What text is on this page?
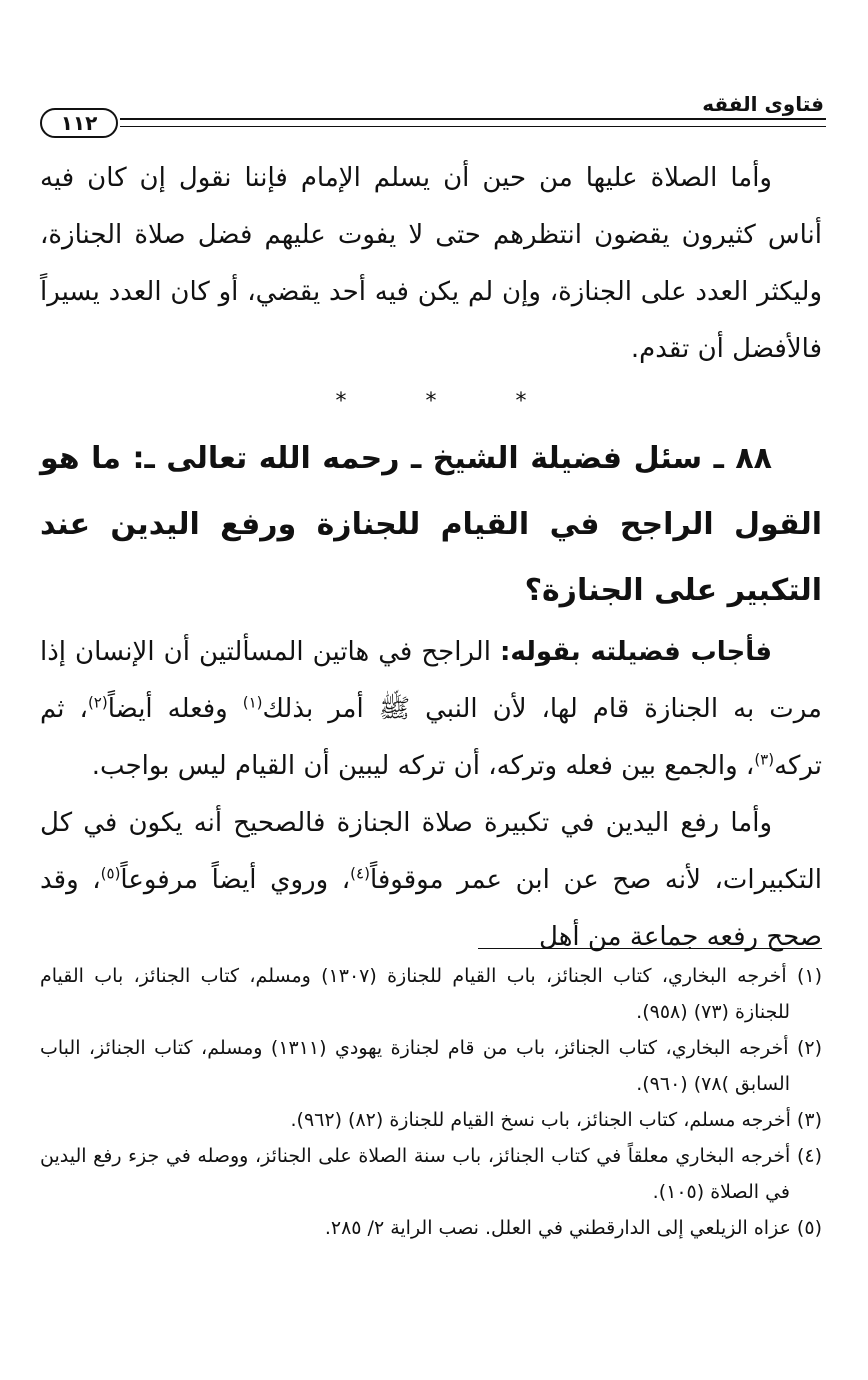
فتاوى الفقه
١١٢

وأما الصلاة عليها من حين أن يسلم الإمام فإننا نقول إن كان فيه أناس كثيرون يقضون انتظرهم حتى لا يفوت عليهم فضل صلاة الجنازة، وليكثر العدد على الجنازة، وإن لم يكن فيه أحد يقضي، أو كان العدد يسيراً فالأفضل أن تقدم.

* * *

٨٨ ـ سئل فضيلة الشيخ ـ رحمه الله تعالى ـ: ما هو القول الراجح في القيام للجنازة ورفع اليدين عند التكبير على الجنازة؟

فأجاب فضيلته بقوله: الراجح في هاتين المسألتين أن الإنسان إذا مرت به الجنازة قام لها، لأن النبي ﷺ أمر بذلك$^{(١)}$ وفعله أيضاً$^{(٢)}$، ثم تركه$^{(٣)}$، والجمع بين فعله وتركه، أن تركه ليبين أن القيام ليس بواجب.

وأما رفع اليدين في تكبيرة صلاة الجنازة فالصحيح أنه يكون في كل التكبيرات، لأنه صح عن ابن عمر موقوفاً$^{(٤)}$، وروي أيضاً مرفوعاً$^{(٥)}$، وقد صحح رفعه جماعة من أهل

(١) أخرجه البخاري، كتاب الجنائز، باب القيام للجنازة (١٣٠٧) ومسلم، كتاب الجنائز، باب القيام للجنازة (٧٣) (٩٥٨).

(٢) أخرجه البخاري، كتاب الجنائز، باب من قام لجنازة يهودي (١٣١١) ومسلم، كتاب الجنائز، الباب السابق )٧٨) (٩٦٠).

(٣) أخرجه مسلم، كتاب الجنائز، باب نسخ القيام للجنازة (٨٢) (٩٦٢).

(٤) أخرجه البخاري معلقاً في كتاب الجنائز، باب سنة الصلاة على الجنائز، ووصله في جزء رفع اليدين في الصلاة (١٠٥).

(٥) عزاه الزيلعي إلى الدارقطني في العلل. نصب الراية ٢/ ٢٨٥.
